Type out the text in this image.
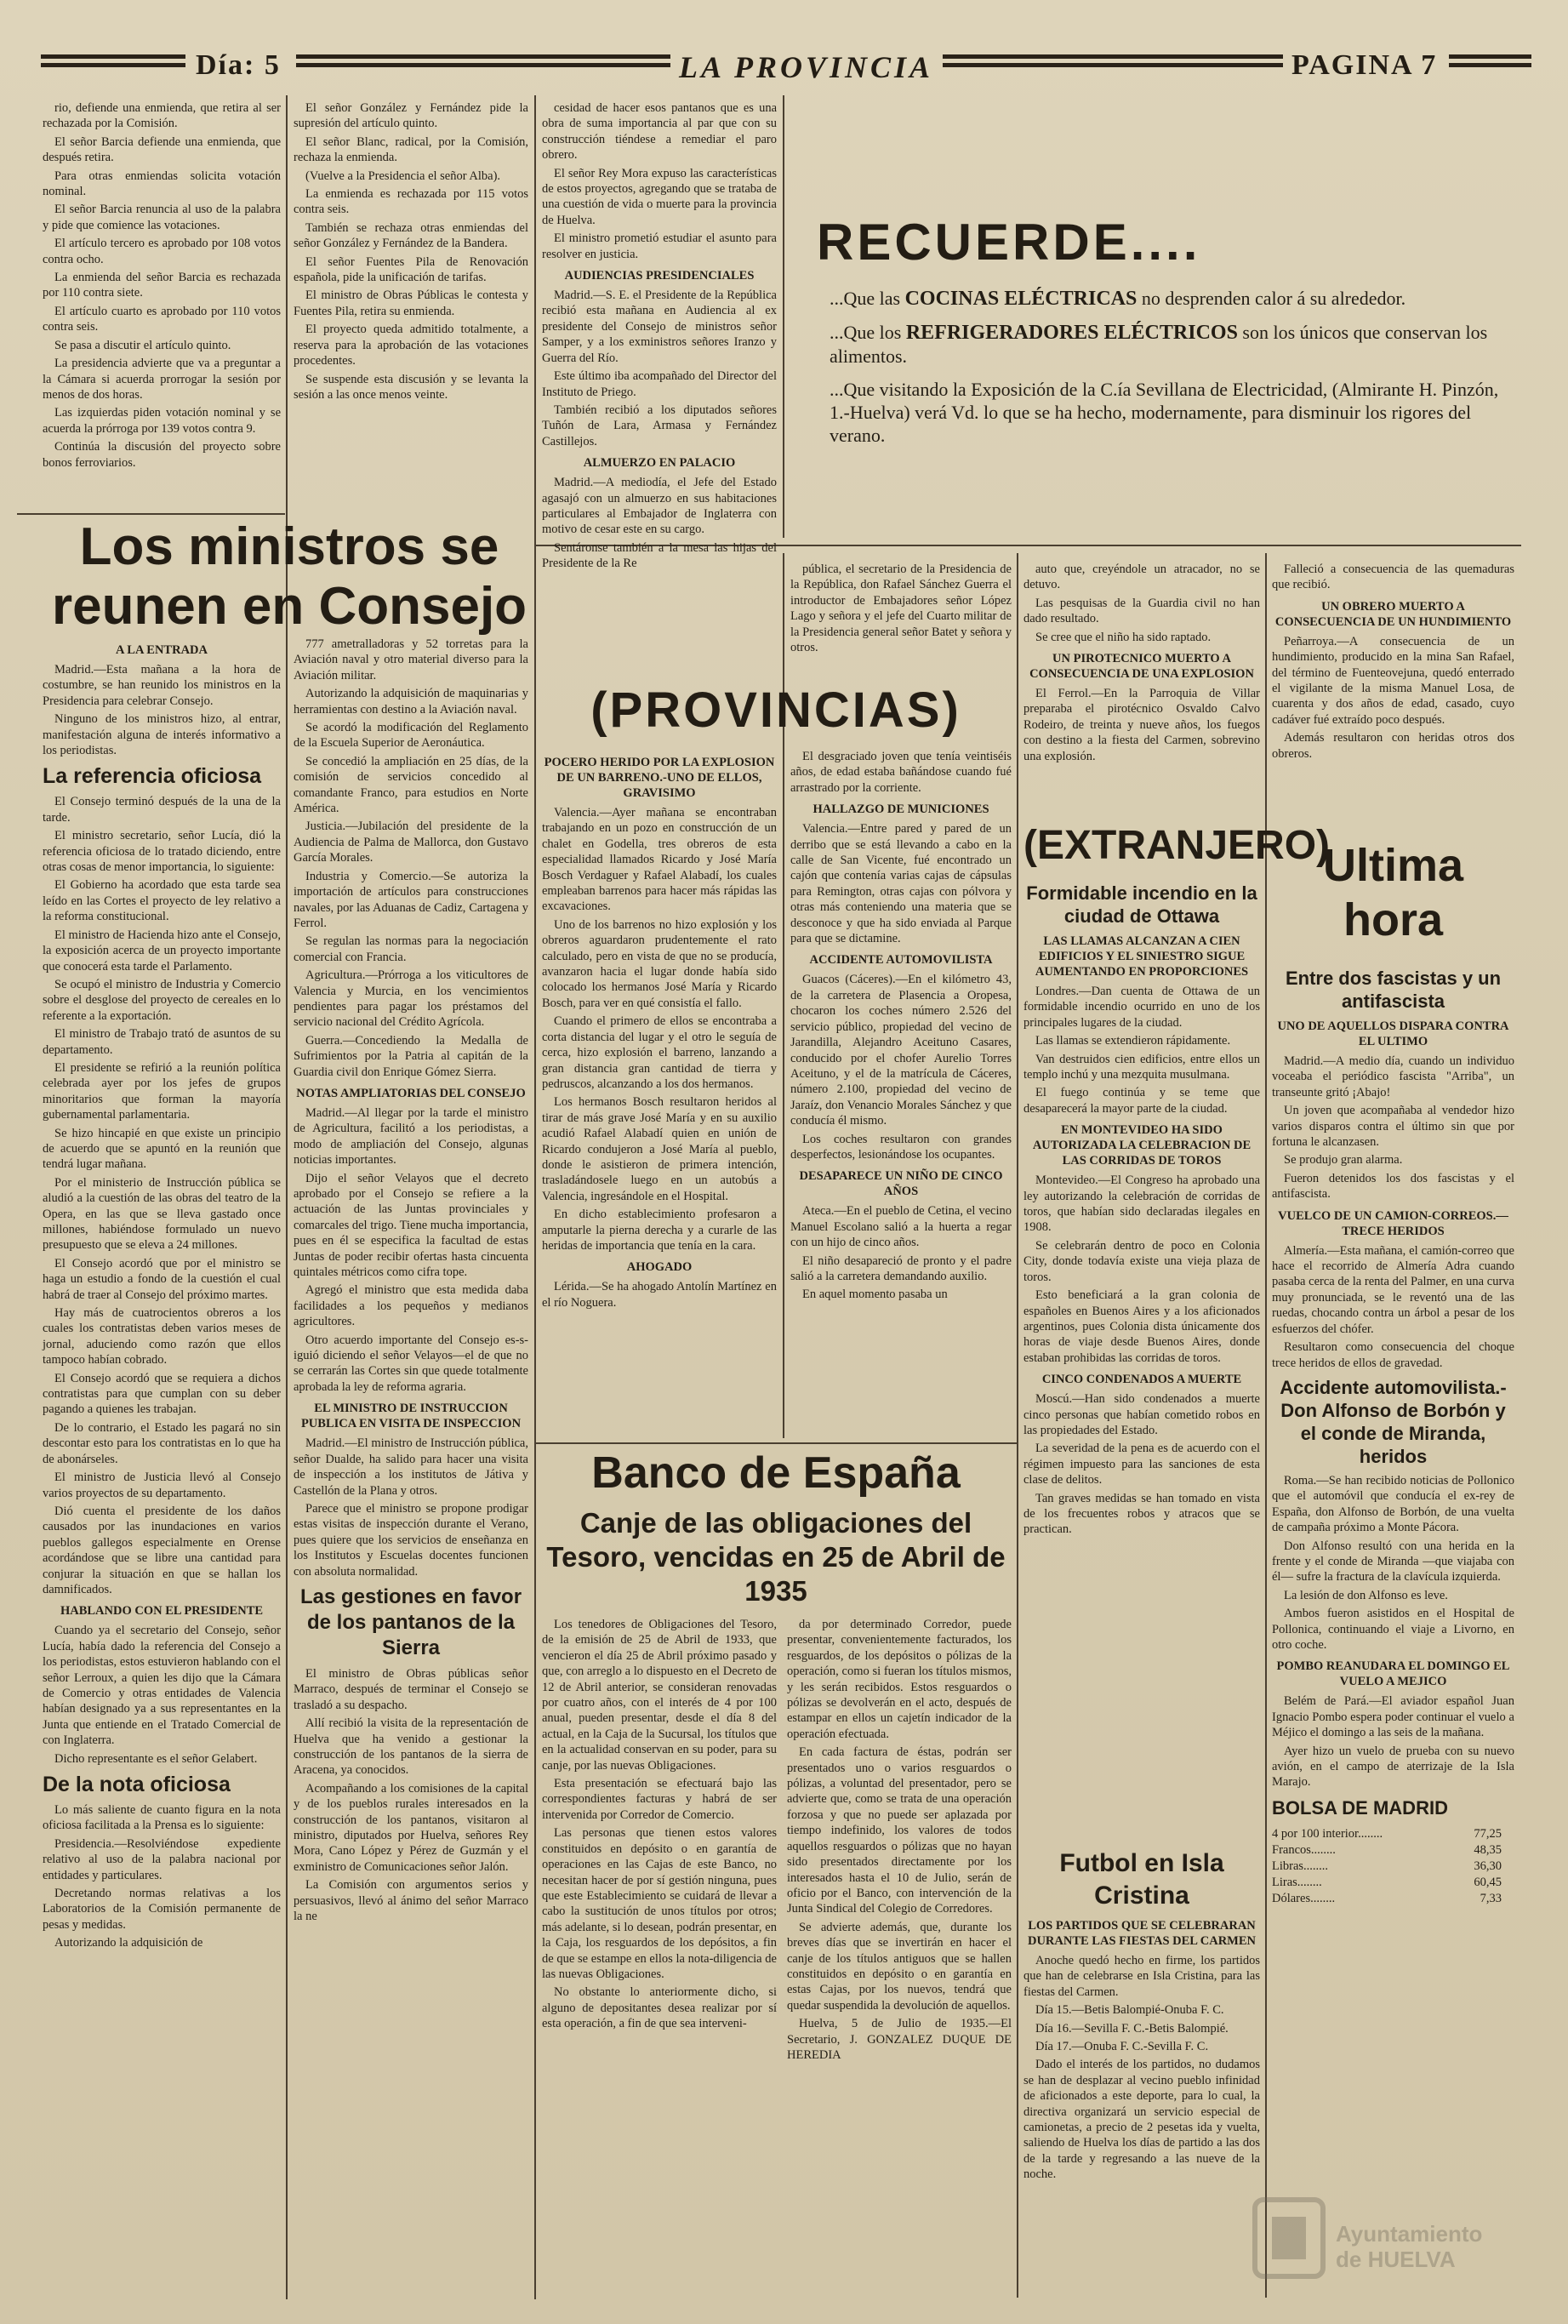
Día: 5	LA PROVINCIA	PAGINA 7

rio, defiende una enmienda, que retira al ser rechazada por la Comisión.

El señor Barcia defiende una enmienda, que después retira.

Para otras enmiendas solicita votación nominal.

El señor Barcia renuncia al uso de la palabra y pide que comience las votaciones.

El artículo tercero es aprobado por 108 votos contra ocho.

La enmienda del señor Barcia es rechazada por 110 contra siete.

El artículo cuarto es aprobado por 110 votos contra seis.

Se pasa a discutir el artículo quinto.

La presidencia advierte que va a preguntar a la Cámara si acuerda prorrogar la sesión por menos de dos horas.

Las izquierdas piden votación nominal y se acuerda la prórroga por 139 votos contra 9.

Continúa la discusión del proyecto sobre bonos ferroviarios.

El señor González y Fernández pide la supresión del artículo quinto.

El señor Blanc, radical, por la Comisión, rechaza la enmienda.

(Vuelve a la Presidencia el señor Alba).

La enmienda es rechazada por 115 votos contra seis.

También se rechaza otras enmiendas del señor González y Fernández de la Bandera.

El señor Fuentes Pila de Renovación española, pide la unificación de tarifas.

El ministro de Obras Públicas le contesta y Fuentes Pila, retira su enmienda.

El proyecto queda admitido totalmente, a reserva para la aprobación de las votaciones procedentes.

Se suspende esta discusión y se levanta la sesión a las once menos veinte.

cesidad de hacer esos pantanos que es una obra de suma importancia al par que con su construcción tiéndese a remediar el paro obrero.

El señor Rey Mora expuso las características de estos proyectos, agregando que se trataba de una cuestión de vida o muerte para la provincia de Huelva.

El ministro prometió estudiar el asunto para resolver en justicia.

AUDIENCIAS PRESIDENCIALES

Madrid.—S. E. el Presidente de la República recibió esta mañana en Audiencia al ex presidente del Consejo de ministros señor Samper, y a los exministros señores Iranzo y Guerra del Río.

Este último iba acompañado del Director del Instituto de Priego.

También recibió a los diputados señores Tuñón de Lara, Armasa y Fernández Castillejos.

ALMUERZO EN PALACIO

Madrid.—A mediodía, el Jefe del Estado agasajó con un almuerzo en sus habitaciones particulares al Embajador de Inglaterra con motivo de cesar este en su cargo.

Sentáronse también a la mesa las hijas del Presidente de la Re

RECUERDE....
...Que las COCINAS ELÉCTRICAS no desprenden calor á su alrededor.
...Que los REFRIGERADORES ELÉCTRICOS son los únicos que conservan los alimentos.
...Que visitando la Exposición de la C.ía Sevillana de Electricidad, (Almirante H. Pinzón, 1.-Huelva) verá Vd. lo que se ha hecho, modernamente, para disminuir los rigores del verano.
Los ministros se reunen en Consejo
A LA ENTRADA

Madrid.—Esta mañana a la hora de costumbre, se han reunido los ministros en la Presidencia para celebrar Consejo.

Ninguno de los ministros hizo, al entrar, manifestación alguna de interés informativo a los periodistas.

La referencia oficiosa

El Consejo terminó después de la una de la tarde.

El ministro secretario, señor Lucía, dió la referencia oficiosa de lo tratado diciendo, entre otras cosas de menor importancia, lo siguiente:

El Gobierno ha acordado que esta tarde sea leído en las Cortes el proyecto de ley relativo a la reforma constitucional.

El ministro de Hacienda hizo ante el Consejo, la exposición acerca de un proyecto importante que conocerá esta tarde el Parlamento.

Se ocupó el ministro de Industria y Comercio sobre el desglose del proyecto de cereales en lo referente a la exportación.

El ministro de Trabajo trató de asuntos de su departamento.

El presidente se refirió a la reunión política celebrada ayer por los jefes de grupos minoritarios que forman la mayoría gubernamental parlamentaria.

Se hizo hincapié en que existe un principio de acuerdo que se apuntó en la reunión que tendrá lugar mañana.

Por el ministerio de Instrucción pública se aludió a la cuestión de las obras del teatro de la Opera, en las que se lleva gastado once millones, habiéndose formulado un nuevo presupuesto que se eleva a 24 millones.

El Consejo acordó que por el ministro se haga un estudio a fondo de la cuestión el cual habrá de traer al Consejo del próximo martes.

Hay más de cuatrocientos obreros a los cuales los contratistas deben varios meses de jornal, aduciendo como razón que ellos tampoco habían cobrado.

El Consejo acordó que se requiera a dichos contratistas para que cumplan con su deber pagando a quienes les trabajan.

De lo contrario, el Estado les pagará no sin descontar esto para los contratistas en lo que ha de abonárseles.

El ministro de Justicia llevó al Consejo varios proyectos de su departamento.

Dió cuenta el presidente de los daños causados por las inundaciones en varios pueblos gallegos especialmente en Orense acordándose que se libre una cantidad para conjurar la situación en que se hallan los damnificados.

HABLANDO CON EL PRESIDENTE

Cuando ya el secretario del Consejo, señor Lucía, había dado la referencia del Consejo a los periodistas, estos estuvieron hablando con el señor Lerroux, a quien les dijo que la Cámara de Comercio y otras entidades de Valencia habían designado ya a sus representantes en la Junta que entiende en el Tratado Comercial de con Inglaterra.

Dicho representante es el señor Gelabert.

De la nota oficiosa

Lo más saliente de cuanto figura en la nota oficiosa facilitada a la Prensa es lo siguiente:

Presidencia.—Resolviéndose expediente relativo al uso de la palabra nacional por entidades y particulares.

Decretando normas relativas a los Laboratorios de la Comisión permanente de pesas y medidas.

Autorizando la adquisición de

777 ametralladoras y 52 torretas para la Aviación naval y otro material diverso para la Aviación militar.

Autorizando la adquisición de maquinarias y herramientas con destino a la Aviación naval.

Se acordó la modificación del Reglamento de la Escuela Superior de Aeronáutica.

Se concedió la ampliación en 25 días, de la comisión de servicios concedido al comandante Franco, para estudios en Norte América.

Justicia.—Jubilación del presidente de la Audiencia de Palma de Mallorca, don Gustavo García Morales.

Industria y Comercio.—Se autoriza la importación de artículos para construcciones navales, por las Aduanas de Cadiz, Cartagena y Ferrol.

Se regulan las normas para la negociación comercial con Francia.

Agricultura.—Prórroga a los viticultores de Valencia y Murcia, en los vencimientos pendientes para pagar los préstamos del servicio nacional del Crédito Agrícola.

Guerra.—Concediendo la Medalla de Sufrimientos por la Patria al capitán de la Guardia civil don Enrique Gómez Sierra.

NOTAS AMPLIATORIAS DEL CONSEJO

Madrid.—Al llegar por la tarde el ministro de Agricultura, facilitó a los periodistas, a modo de ampliación del Consejo, algunas noticias importantes.

Dijo el señor Velayos que el decreto aprobado por el Consejo se refiere a la actuación de las Juntas provinciales y comarcales del trigo. Tiene mucha importancia, pues en él se especifica la facultad de estas Juntas de poder recibir ofertas hasta cincuenta quintales métricos como cifra tope.

Agregó el ministro que esta medida daba facilidades a los pequeños y medianos agricultores.

Otro acuerdo importante del Consejo es-s-iguió diciendo el señor Velayos—el de que no se cerrarán las Cortes sin que quede totalmente aprobada la ley de reforma agraria.

EL MINISTRO DE INSTRUCCION PUBLICA EN VISITA DE INSPECCION

Madrid.—El ministro de Instrucción pública, señor Dualde, ha salido para hacer una visita de inspección a los institutos de Játiva y Castellón de la Plana y otros.

Parece que el ministro se propone prodigar estas visitas de inspección durante el Verano, pues quiere que los servicios de enseñanza en los Institutos y Escuelas docentes funcionen con absoluta normalidad.

Las gestiones en favor de los pantanos de la Sierra

El ministro de Obras públicas señor Marraco, después de terminar el Consejo se trasladó a su despacho.

Allí recibió la visita de la representación de Huelva que ha venido a gestionar la construcción de los pantanos de la sierra de Aracena, ya conocidos.

Acompañando a los comisiones de la capital y de los pueblos rurales interesados en la construcción de los pantanos, visitaron al ministro, diputados por Huelva, señores Rey Mora, Cano López y Pérez de Guzmán y el exministro de Comunicaciones señor Jalón.

La Comisión con argumentos serios y persuasivos, llevó al ánimo del señor Marraco la ne

(PROVINCIAS)
POCERO HERIDO POR LA EXPLOSION DE UN BARRENO.-UNO DE ELLOS, GRAVISIMO

Valencia.—Ayer mañana se encontraban trabajando en un pozo en construcción de un chalet en Godella, tres obreros de esta especialidad llamados Ricardo y José María Bosch Verdaguer y Rafael Alabadí, los cuales empleaban barrenos para hacer más rápidas las excavaciones.

Uno de los barrenos no hizo explosión y los obreros aguardaron prudentemente el rato calculado, pero en vista de que no se producía, avanzaron hacia el lugar donde había sido colocado los hermanos José María y Ricardo Bosch, para ver en qué consistía el fallo.

Cuando el primero de ellos se encontraba a corta distancia del lugar y el otro le seguía de cerca, hizo explosión el barreno, lanzando a gran distancia gran cantidad de tierra y pedruscos, alcanzando a los dos hermanos.

Los hermanos Bosch resultaron heridos al tirar de más grave José María y en su auxilio acudió Rafael Alabadí quien en unión de Ricardo condujeron a José María al pueblo, donde le asistieron de primera intención, trasladándosele luego en un autobús a Valencia, ingresándole en el Hospital.

En dicho establecimiento profesaron a amputarle la pierna derecha y a curarle de las heridas de importancia que tenía en la cara.

AHOGADO

Lérida.—Se ha ahogado Antolín Martínez en el río Noguera.

pública, el secretario de la Presidencia de la República, don Rafael Sánchez Guerra el introductor de Embajadores señor López Lago y señora y el jefe del Cuarto militar de la Presidencia general señor Batet y señora y otros.

El desgraciado joven que tenía veintiséis años, de edad estaba bañándose cuando fué arrastrado por la corriente.

HALLAZGO DE MUNICIONES

Valencia.—Entre pared y pared de un derribo que se está llevando a cabo en la calle de San Vicente, fué encontrado un cajón que contenía varias cajas de cápsulas para Remington, otras cajas con pólvora y otras más conteniendo una materia que se desconoce y que ha sido enviada al Parque para que se dictamine.

ACCIDENTE AUTOMOVILISTA

Guacos (Cáceres).—En el kilómetro 43, de la carretera de Plasencia a Oropesa, chocaron los coches número 2.526 del servicio público, propiedad del vecino de Jarandilla, Alejandro Aceituno Casares, conducido por el chofer Aurelio Torres Aceituno, y el de la matrícula de Cáceres, número 2.100, propiedad del vecino de Jaraíz, don Venancio Morales Sánchez y que conducía él mismo.

Los coches resultaron con grandes desperfectos, lesionándose los ocupantes.

DESAPARECE UN NIÑO DE CINCO AÑOS

Ateca.—En el pueblo de Cetina, el vecino Manuel Escolano salió a la huerta a regar con un hijo de cinco años.

El niño desapareció de pronto y el padre salió a la carretera demandando auxilio.

En aquel momento pasaba un

Banco de España
Canje de las obligaciones del Tesoro, vencidas en 25 de Abril de 1935

Los tenedores de Obligaciones del Tesoro, de la emisión de 25 de Abril de 1933, que vencieron el día 25 de Abril próximo pasado y que, con arreglo a lo dispuesto en el Decreto de 12 de Abril anterior, se consideran renovadas por cuatro años, con el interés de 4 por 100 anual, pueden presentar, desde el día 8 del actual, en la Caja de la Sucursal, los títulos que en la actualidad conservan en su poder, para su canje, por las nuevas Obligaciones.

Esta presentación se efectuará bajo las correspondientes facturas y habrá de ser intervenida por Corredor de Comercio.

Las personas que tienen estos valores constituidos en depósito o en garantía de operaciones en las Cajas de este Banco, no necesitan hacer de por sí gestión ninguna, pues que este Establecimiento se cuidará de llevar a cabo la sustitución de unos títulos por otros; más adelante, si lo desean, podrán presentar, en la Caja, los resguardos de los depósitos, a fin de que se estampe en ellos la nota-diligencia de las nuevas Obligaciones.

No obstante lo anteriormente dicho, si alguno de depositantes desea realizar por sí esta operación, a fin de que sea interveni-

da por determinado Corredor, puede presentar, convenientemente facturados, los resguardos, de los depósitos o pólizas de la operación, como si fueran los títulos mismos, y les serán recibidos. Estos resguardos o pólizas se devolverán en el acto, después de estampar en ellos un cajetín indicador de la operación efectuada.

En cada factura de éstas, podrán ser presentados uno o varios resguardos o pólizas, a voluntad del presentador, pero se advierte que, como se trata de una operación forzosa y que no puede ser aplazada por tiempo indefinido, los valores de todos aquellos resguardos o pólizas que no hayan sido presentados directamente por los interesados hasta el 10 de Julio, serán de oficio por el Banco, con intervención de la Junta Sindical del Colegio de Corredores.

Se advierte además, que, durante los breves días que se invertirán en hacer el canje de los títulos antiguos que se hallen constituidos en depósito o en garantía en estas Cajas, por los nuevos, tendrá que quedar suspendida la devolución de aquellos.

Huelva, 5 de Julio de 1935.—El Secretario, J. GONZALEZ DUQUE DE HEREDIA

auto que, creyéndole un atracador, no se detuvo.

Las pesquisas de la Guardia civil no han dado resultado.

Se cree que el niño ha sido raptado.

UN PIROTECNICO MUERTO A CONSECUENCIA DE UNA EXPLOSION

El Ferrol.—En la Parroquia de Villar preparaba el pirotécnico Osvaldo Calvo Rodeiro, de treinta y nueve años, los fuegos con destino a la fiesta del Carmen, sobrevino una explosión.

(EXTRANJERO)
Formidable incendio en la ciudad de Ottawa
LAS LLAMAS ALCANZAN A CIEN EDIFICIOS Y EL SINIESTRO SIGUE AUMENTANDO EN PROPORCIONES

Londres.—Dan cuenta de Ottawa de un formidable incendio ocurrido en uno de los principales lugares de la ciudad.

Las llamas se extendieron rápidamente.

Van destruidos cien edificios, entre ellos un templo inchú y una mezquita musulmana.

El fuego continúa y se teme que desaparecerá la mayor parte de la ciudad.

EN MONTEVIDEO HA SIDO AUTORIZADA LA CELEBRACION DE LAS CORRIDAS DE TOROS

Montevideo.—El Congreso ha aprobado una ley autorizando la celebración de corridas de toros, que habían sido declaradas ilegales en 1908.

Se celebrarán dentro de poco en Colonia City, donde todavía existe una vieja plaza de toros.

Esto beneficiará a la gran colonia de españoles en Buenos Aires y a los aficionados argentinos, pues Colonia dista únicamente dos horas de viaje desde Buenos Aires, donde estaban prohibidas las corridas de toros.

CINCO CONDENADOS A MUERTE

Moscú.—Han sido condenados a muerte cinco personas que habían cometido robos en las propiedades del Estado.

La severidad de la pena es de acuerdo con el régimen impuesto para las sanciones de esta clase de delitos.

Tan graves medidas se han tomado en vista de los frecuentes robos y atracos que se practican.

Futbol en Isla Cristina
LOS PARTIDOS QUE SE CELEBRARAN DURANTE LAS FIESTAS DEL CARMEN

Anoche quedó hecho en firme, los partidos que han de celebrarse en Isla Cristina, para las fiestas del Carmen.

Día 15.—Betis Balompié-Onuba F. C.

Día 16.—Sevilla F. C.-Betis Balompié.

Día 17.—Onuba F. C.-Sevilla F. C.

Dado el interés de los partidos, no dudamos se han de desplazar al vecino pueblo infinidad de aficionados a este deporte, para lo cual, la directiva organizará un servicio especial de camionetas, a precio de 2 pesetas ida y vuelta, saliendo de Huelva los días de partido a las dos de la tarde y regresando a las nueve de la noche.

Falleció a consecuencia de las quemaduras que recibió.

UN OBRERO MUERTO A CONSECUENCIA DE UN HUNDIMIENTO

Peñarroya.—A consecuencia de un hundimiento, producido en la mina San Rafael, del término de Fuenteovejuna, quedó enterrado el vigilante de la misma Manuel Losa, de cuarenta y dos años de edad, casado, cuyo cadáver fué extraído poco después.

Además resultaron con heridas otros dos obreros.

Ultima hora
Entre dos fascistas y un antifascista
UNO DE AQUELLOS DISPARA CONTRA EL ULTIMO

Madrid.—A medio día, cuando un individuo voceaba el periódico fascista "Arriba", un transeunte gritó ¡Abajo!

Un joven que acompañaba al vendedor hizo varios disparos contra el último sin que por fortuna le alcanzasen.

Se produjo gran alarma.

Fueron detenidos los dos fascistas y el antifascista.

VUELCO DE UN CAMION-CORREOS.—TRECE HERIDOS

Almería.—Esta mañana, el camión-correo que hace el recorrido de Almería Adra cuando pasaba cerca de la renta del Palmer, en una curva muy pronunciada, se le reventó una de las ruedas, chocando contra un árbol a pesar de los esfuerzos del chófer.

Resultaron como consecuencia del choque trece heridos de ellos de gravedad.

Accidente automovilista.-Don Alfonso de Borbón y el conde de Miranda, heridos

Roma.—Se han recibido noticias de Pollonico que el automóvil que conducía el ex-rey de España, don Alfonso de Borbón, de una vuelta de campaña próximo a Monte Pácora.

Don Alfonso resultó con una herida en la frente y el conde de Miranda —que viajaba con él— sufre la fractura de la clavícula izquierda.

La lesión de don Alfonso es leve.

Ambos fueron asistidos en el Hospital de Pollonica, continuando el viaje a Livorno, en otro coche.

POMBO REANUDARA EL DOMINGO EL VUELO A MEJICO

Belém de Pará.—El aviador español Juan Ignacio Pombo espera poder continuar el vuelo a Méjico el domingo a las seis de la mañana.

Ayer hizo un vuelo de prueba con su nuevo avión, en el campo de aterrizaje de la Isla Marajo.

BOLSA DE MADRID
4 por 100 interior........	77,25
Francos........	48,35
Libras........	36,30
Liras........	60,45
Dólares........	7,33
Ayuntamiento de HUELVA
